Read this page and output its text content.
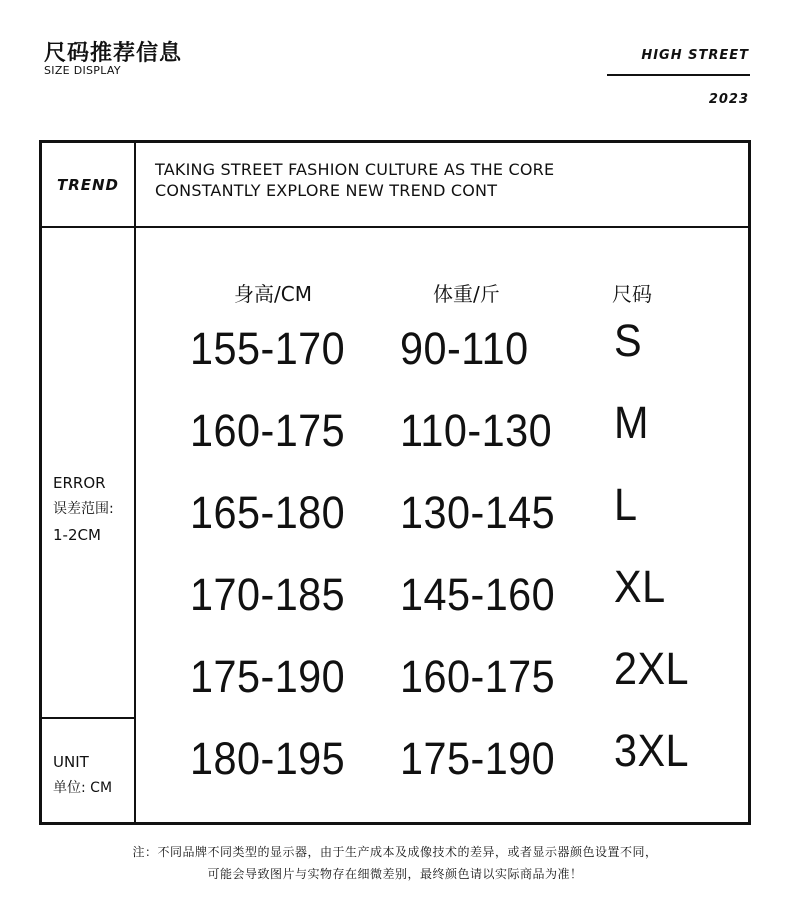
尺码推荐信息
SIZE DISPLAY
HIGH STREET
2023
TREND
TAKING STREET FASHION CULTURE AS THE CORE
CONSTANTLY EXPLORE NEW TREND CONT
ERROR
误差范围:
1-2CM
UNIT
单位: CM
身高/CM	体重/斤	尺码
155-170 90-110 S
160-175 110-130 M
165-180 130-145 L
170-185 145-160 XL
175-190 160-175 2XL
180-195 175-190 3XL
注：不同品牌不同类型的显示器，由于生产成本及成像技术的差异，或者显示器颜色设置不同，
可能会导致图片与实物存在细微差别，最终颜色请以实际商品为准！
